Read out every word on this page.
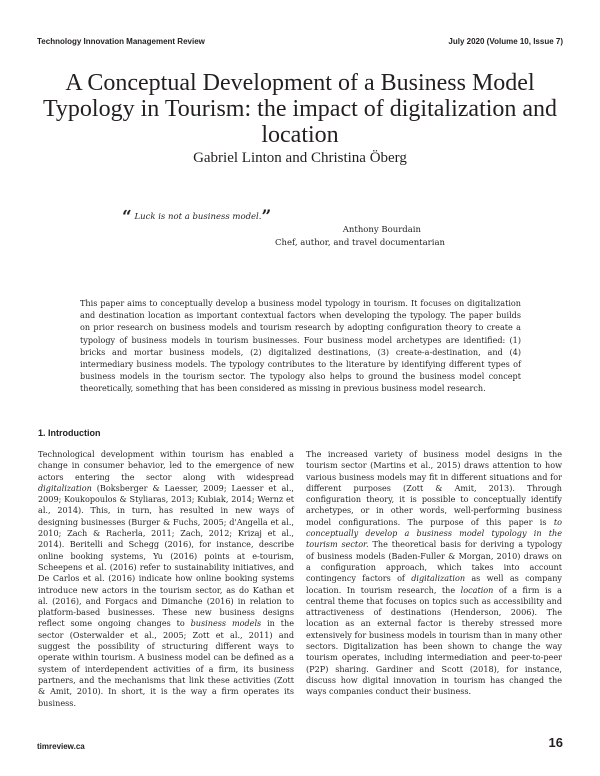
Technology Innovation Management Review	July 2020 (Volume 10, Issue 7)
A Conceptual Development of a Business Model Typology in Tourism: the impact of digitalization and location
Gabriel Linton and Christina Öberg
“ Luck is not a business model.”
Anthony Bourdain
Chef, author, and travel documentarian

This paper aims to conceptually develop a business model typology in tourism. It focuses on digitalization and destination location as important contextual factors when developing the typology. The paper builds on prior research on business models and tourism research by adopting configuration theory to create a typology of business models in tourism businesses. Four business model archetypes are identified: (1) bricks and mortar business models, (2) digitalized destinations, (3) create-a-destination, and (4) intermediary business models. The typology contributes to the literature by identifying different types of business models in the tourism sector. The typology also helps to ground the business model concept theoretically, something that has been considered as missing in previous business model research.

1. Introduction

Technological development within tourism has enabled a change in consumer behavior, led to the emergence of new actors entering the sector along with widespread digitalization (Boksberger & Laesser, 2009; Laesser et al., 2009; Koukopoulos & Styliaras, 2013; Kubiak, 2014; Wernz et al., 2014). This, in turn, has resulted in new ways of designing businesses (Burger & Fuchs, 2005; d'Angella et al., 2010; Zach & Racherla, 2011; Zach, 2012; Krizaj et al., 2014). Beritelli and Schegg (2016), for instance, describe online booking systems, Yu (2016) points at e-tourism, Scheepens et al. (2016) refer to sustainability initiatives, and De Carlos et al. (2016) indicate how online booking systems introduce new actors in the tourism sector, as do Kathan et al. (2016), and Forgacs and Dimanche (2016) in relation to platform-based businesses. These new business designs reflect some ongoing changes to business models in the sector (Osterwalder et al., 2005; Zott et al., 2011) and suggest the possibility of structuring different ways to operate within tourism. A business model can be defined as a system of interdependent activities of a firm, its business partners, and the mechanisms that link these activities (Zott & Amit, 2010). In short, it is the way a firm operates its business.

The increased variety of business model designs in the tourism sector (Martins et al., 2015) draws attention to how various business models may fit in different situations and for different purposes (Zott & Amit, 2013). Through configuration theory, it is possible to conceptually identify archetypes, or in other words, well-performing business model configurations. The purpose of this paper is to conceptually develop a business model typology in the tourism sector. The theoretical basis for deriving a typology of business models (Baden-Fuller & Morgan, 2010) draws on a configuration approach, which takes into account contingency factors of digitalization as well as company location. In tourism research, the location of a firm is a central theme that focuses on topics such as accessibility and attractiveness of destinations (Henderson, 2006). The location as an external factor is thereby stressed more extensively for business models in tourism than in many other sectors. Digitalization has been shown to change the way tourism operates, including intermediation and peer-to-peer (P2P) sharing. Gardiner and Scott (2018), for instance, discuss how digital innovation in tourism has changed the ways companies conduct their business.

timreview.ca	16
